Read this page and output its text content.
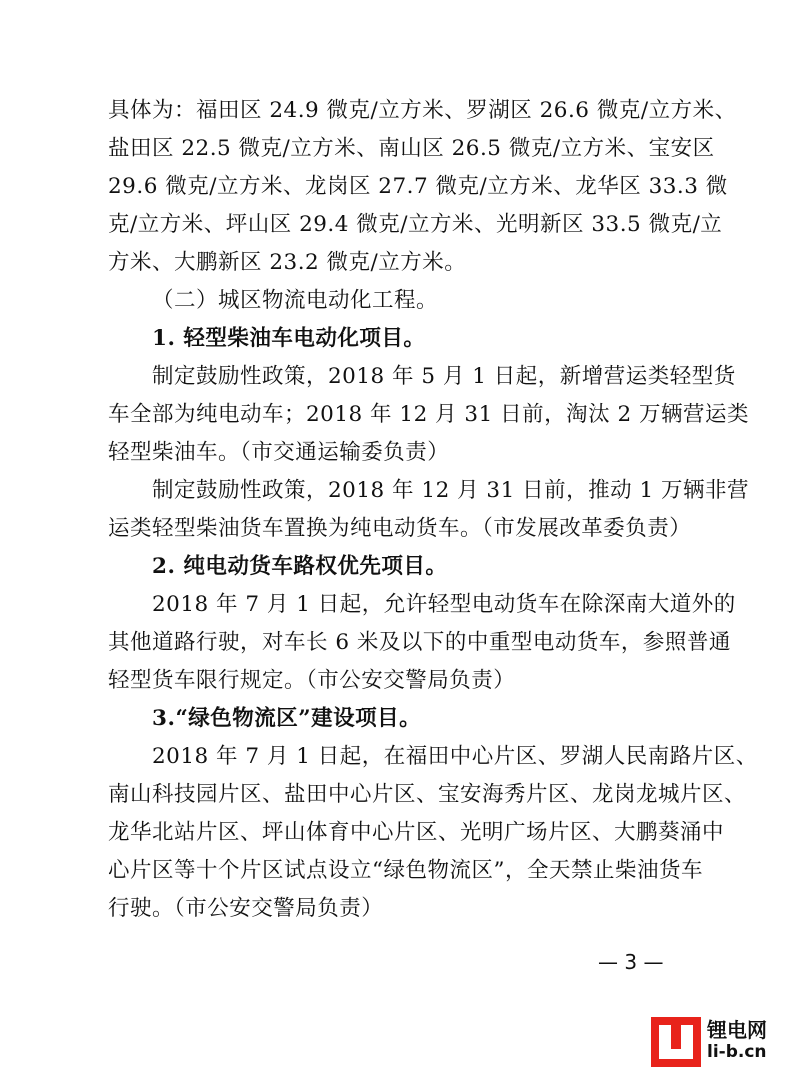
具体为：福田区 24.9 微克/立方米、罗湖区 26.6 微克/立方米、
盐田区 22.5 微克/立方米、南山区 26.5 微克/立方米、宝安区
29.6 微克/立方米、龙岗区 27.7 微克/立方米、龙华区 33.3 微
克/立方米、坪山区 29.4 微克/立方米、光明新区 33.5 微克/立
方米、大鹏新区 23.2 微克/立方米。
（二）城区物流电动化工程。
1. 轻型柴油车电动化项目。
制定鼓励性政策，2018 年 5 月 1 日起，新增营运类轻型货
车全部为纯电动车；2018 年 12 月 31 日前，淘汰 2 万辆营运类
轻型柴油车。（市交通运输委负责）
制定鼓励性政策，2018 年 12 月 31 日前，推动 1 万辆非营
运类轻型柴油货车置换为纯电动货车。（市发展改革委负责）
2. 纯电动货车路权优先项目。
2018 年 7 月 1 日起，允许轻型电动货车在除深南大道外的
其他道路行驶，对车长 6 米及以下的中重型电动货车，参照普通
轻型货车限行规定。（市公安交警局负责）
3.“绿色物流区”建设项目。
2018 年 7 月 1 日起，在福田中心片区、罗湖人民南路片区、
南山科技园片区、盐田中心片区、宝安海秀片区、龙岗龙城片区、
龙华北站片区、坪山体育中心片区、光明广场片区、大鹏葵涌中
心片区等十个片区试点设立“绿色物流区”，全天禁止柴油货车
行驶。（市公安交警局负责）
— 3 —
锂电网
li-b.cn
